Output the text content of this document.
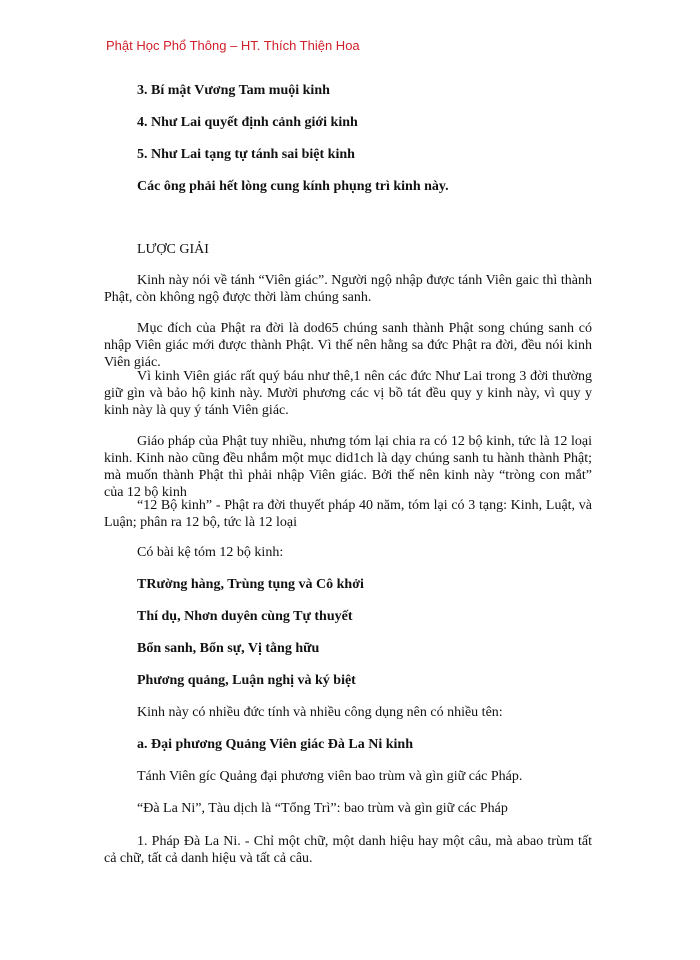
Phật Học Phổ Thông – HT. Thích Thiện Hoa

3. Bí mật Vương Tam muội kinh

4. Như Lai quyết định cảnh giới kinh

5. Như Lai tạng tự tánh sai biệt kinh

Các ông phải hết lòng cung kính phụng trì kinh này.

LƯỢC GIẢI

Kinh này nói về tánh “Viên giác”. Người ngộ nhập được tánh Viên gaic thì thành Phật, còn không ngộ được thời làm chúng sanh.

Mục đích của Phật ra đời là dod65 chúng sanh thành Phật song chúng sanh có nhập Viên giác mới được thành Phật. Vì thế nên hằng sa đức Phật ra đời, đều nói kinh Viên giác.

Vì kinh Viên giác rất quý báu như thê,1 nên các đức Như Lai trong 3 đời thường giữ gìn và bảo hộ kinh này. Mười phương các vị bồ tát đều quy y kinh này, vì quy y kinh này là quy ý tánh Viên giác.

Giáo pháp của Phật tuy nhiều, nhưng tóm lại chia ra có 12 bộ kinh, tức là 12 loại kinh. Kinh nào cũng đều nhắm một mục did1ch là dạy chúng sanh tu hành thành Phật; mà muốn thành Phật thì phải nhập Viên giác. Bởi thế nên kinh này “tròng con mắt” của 12 bộ kinh

“12 Bộ kinh” - Phật ra đời thuyết pháp 40 năm, tóm lại có 3 tạng: Kinh, Luật, và Luận; phân ra 12 bộ, tức là 12 loại

Có bài kệ tóm 12 bộ kinh:

TRường hàng, Trùng tụng và Cô khởi

Thí dụ, Nhơn duyên cùng Tự thuyết

Bổn sanh, Bổn sự, Vị tằng hữu

Phương quảng, Luận nghị và ký biệt

Kinh này có nhiều đức tính và nhiều công dụng nên có nhiều tên:

a. Đại phương Quảng Viên giác Đà La Ni kinh

Tánh Viên gíc Quảng đại phương viên bao trùm và gìn giữ các Pháp.

“Đà La Ni”, Tàu dịch là “Tổng Trì”: bao trùm và gìn giữ các Pháp

1. Pháp Đà La Ni. - Chỉ một chữ, một danh hiệu hay một câu, mà abao trùm tất cả chữ, tất cả danh hiệu và tất cả câu.
